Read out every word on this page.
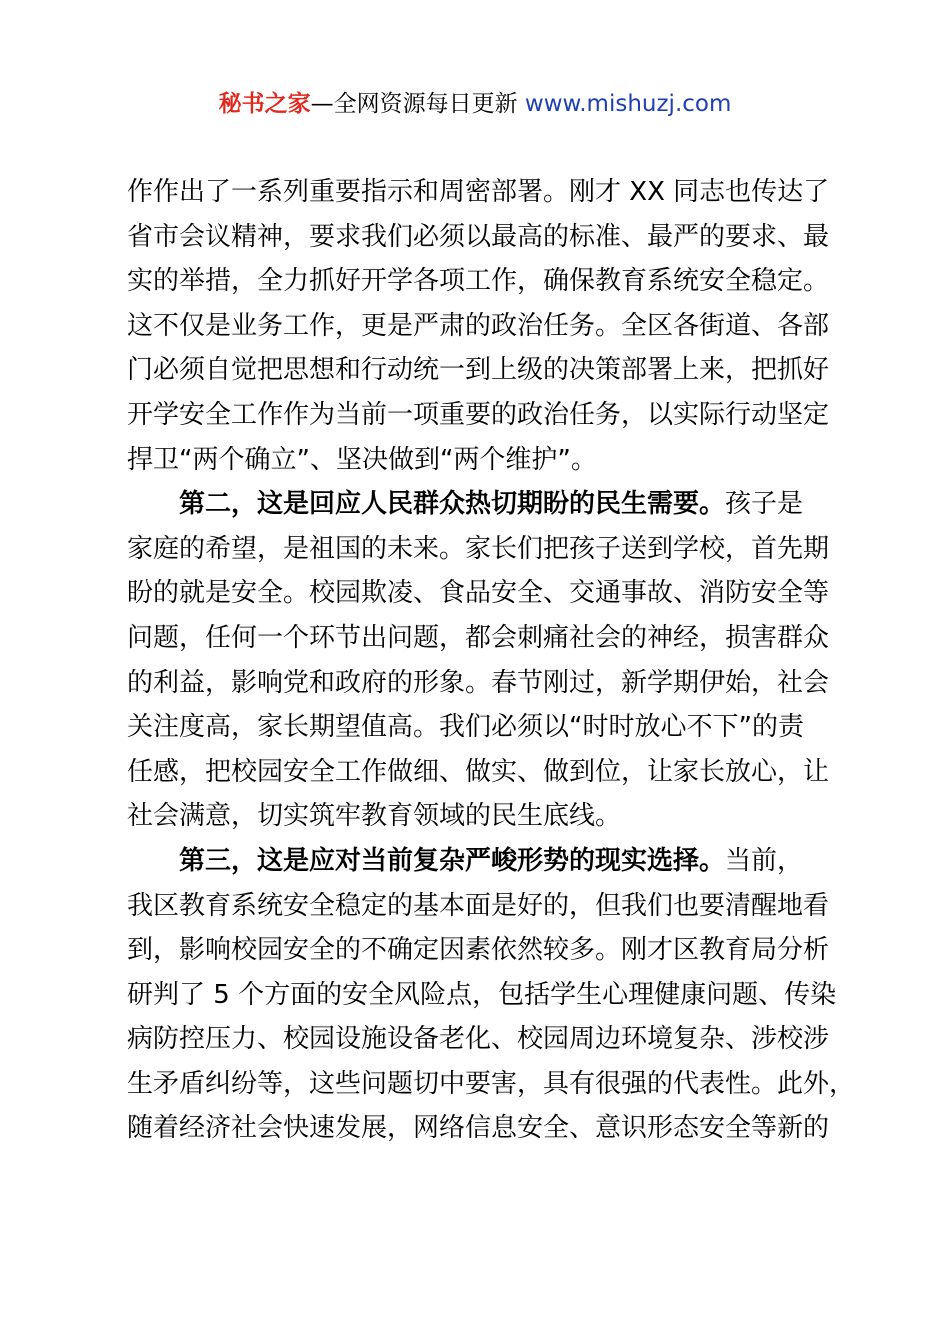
秘书之家—全网资源每日更新 www.mishuzj.com

作作出了一系列重要指示和周密部署。刚才 XX 同志也传达了
省市会议精神，要求我们必须以最高的标准、最严的要求、最
实的举措，全力抓好开学各项工作，确保教育系统安全稳定。
这不仅是业务工作，更是严肃的政治任务。全区各街道、各部
门必须自觉把思想和行动统一到上级的决策部署上来，把抓好
开学安全工作作为当前一项重要的政治任务，以实际行动坚定
捍卫“两个确立”、坚决做到“两个维护”。

第二，这是回应人民群众热切期盼的民生需要。孩子是
家庭的希望，是祖国的未来。家长们把孩子送到学校，首先期
盼的就是安全。校园欺凌、食品安全、交通事故、消防安全等
问题，任何一个环节出问题，都会刺痛社会的神经，损害群众
的利益，影响党和政府的形象。春节刚过，新学期伊始，社会
关注度高，家长期望值高。我们必须以“时时放心不下”的责
任感，把校园安全工作做细、做实、做到位，让家长放心，让
社会满意，切实筑牢教育领域的民生底线。

第三，这是应对当前复杂严峻形势的现实选择。当前，
我区教育系统安全稳定的基本面是好的，但我们也要清醒地看
到，影响校园安全的不确定因素依然较多。刚才区教育局分析
研判了 5 个方面的安全风险点，包括学生心理健康问题、传染
病防控压力、校园设施设备老化、校园周边环境复杂、涉校涉
生矛盾纠纷等，这些问题切中要害，具有很强的代表性。此外，
随着经济社会快速发展，网络信息安全、意识形态安全等新的
